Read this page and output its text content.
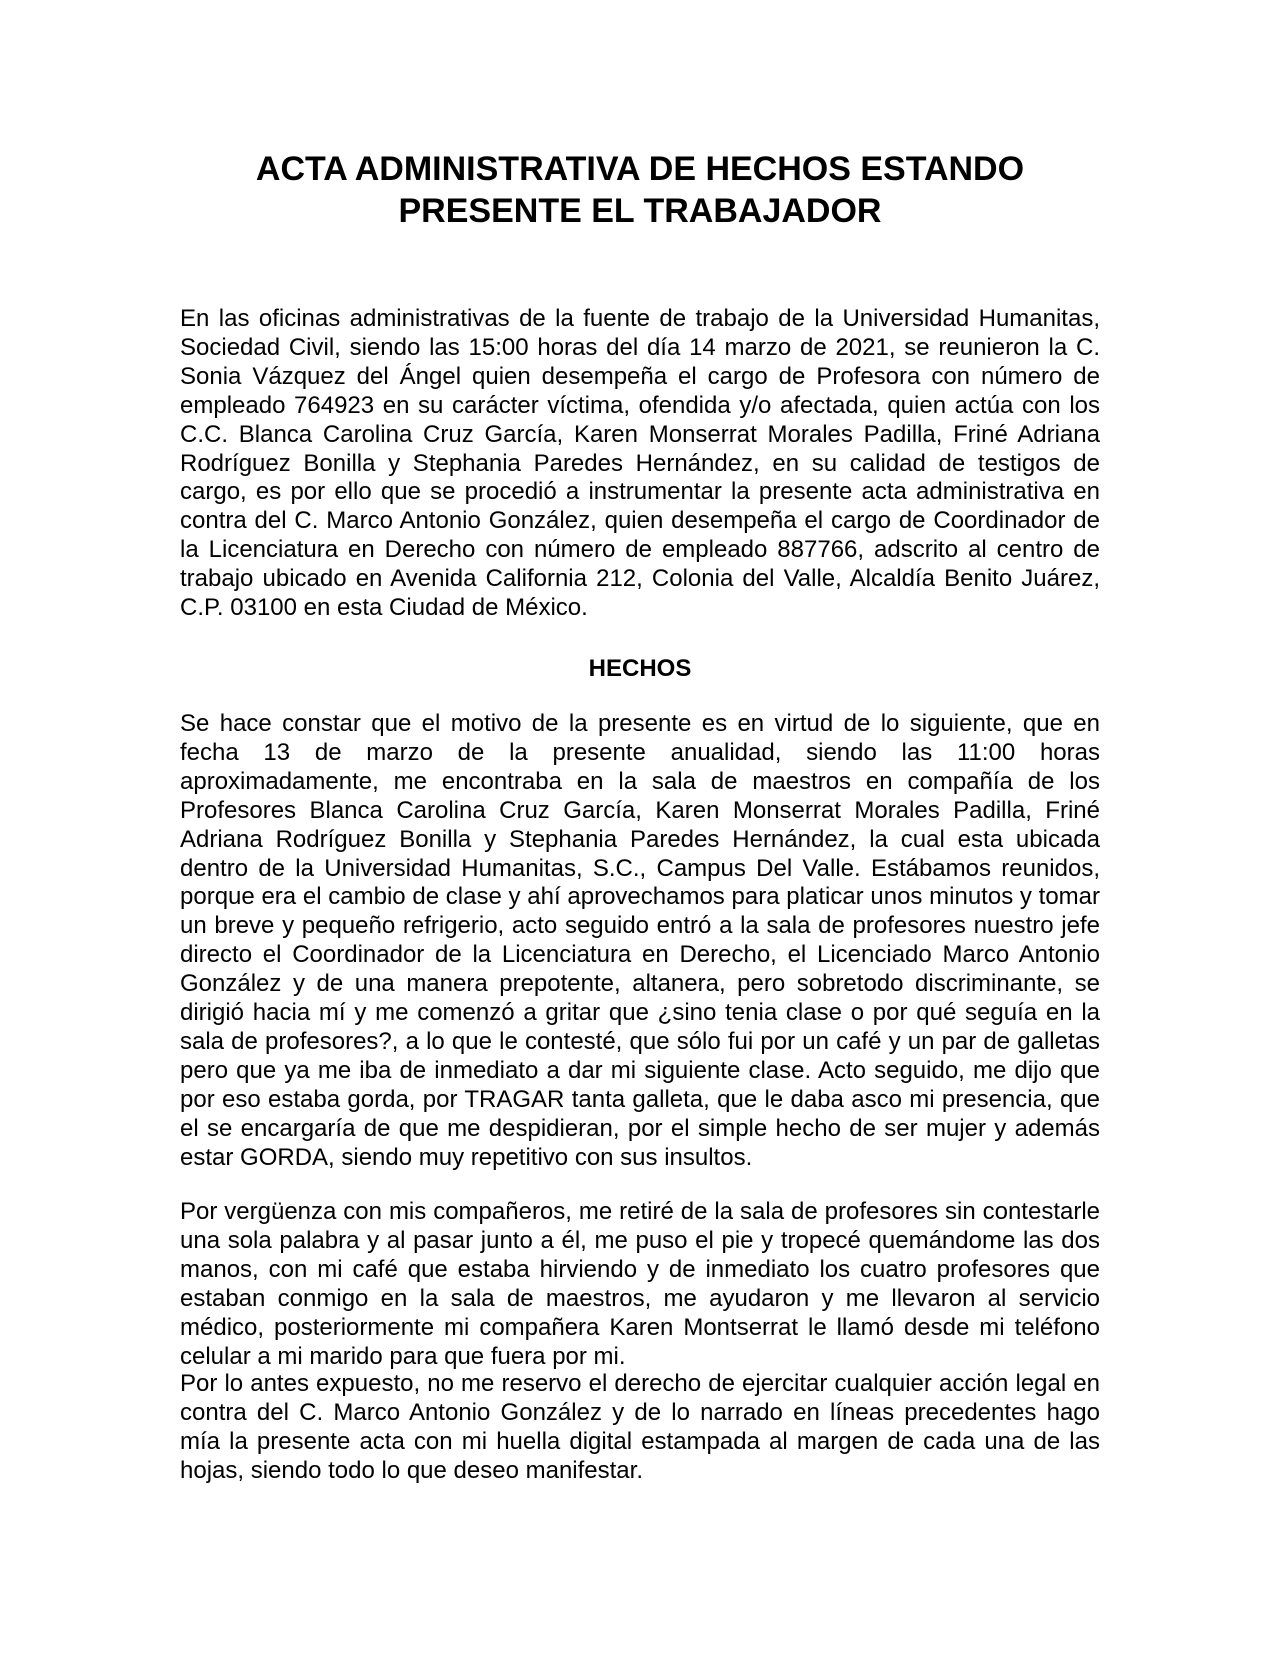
ACTA ADMINISTRATIVA DE HECHOS ESTANDO PRESENTE EL TRABAJADOR

En las oficinas administrativas de la fuente de trabajo de la Universidad Humanitas, Sociedad Civil, siendo las 15:00 horas del día 14 marzo de 2021, se reunieron la C. Sonia Vázquez del Ángel quien desempeña el cargo de Profesora con número de empleado 764923 en su carácter víctima, ofendida y/o afectada, quien actúa con los C.C. Blanca Carolina Cruz García, Karen Monserrat Morales Padilla, Friné Adriana Rodríguez Bonilla y Stephania Paredes Hernández, en su calidad de testigos de cargo, es por ello que se procedió a instrumentar la presente acta administrativa en contra del C. Marco Antonio González, quien desempeña el cargo de Coordinador de la Licenciatura en Derecho con número de empleado 887766, adscrito al centro de trabajo ubicado en Avenida California 212, Colonia del Valle, Alcaldía Benito Juárez, C.P. 03100 en esta Ciudad de México.

HECHOS

Se hace constar que el motivo de la presente es en virtud de lo siguiente, que en fecha 13 de marzo de la presente anualidad, siendo las 11:00 horas aproximadamente, me encontraba en la sala de maestros en compañía de los Profesores Blanca Carolina Cruz García, Karen Monserrat Morales Padilla, Friné Adriana Rodríguez Bonilla y Stephania Paredes Hernández, la cual esta ubicada dentro de la Universidad Humanitas, S.C., Campus Del Valle. Estábamos reunidos, porque era el cambio de clase y ahí aprovechamos para platicar unos minutos y tomar un breve y pequeño refrigerio, acto seguido entró a la sala de profesores nuestro jefe directo el Coordinador de la Licenciatura en Derecho, el Licenciado Marco Antonio González y de una manera prepotente, altanera, pero sobretodo discriminante, se dirigió hacia mí y me comenzó a gritar que ¿sino tenia clase o por qué seguía en la sala de profesores?, a lo que le contesté, que sólo fui por un café y un par de galletas pero que ya me iba de inmediato a dar mi siguiente clase. Acto seguido, me dijo que por eso estaba gorda, por TRAGAR tanta galleta, que le daba asco mi presencia, que el se encargaría de que me despidieran, por el simple hecho de ser mujer y además estar GORDA, siendo muy repetitivo con sus insultos.

Por vergüenza con mis compañeros, me retiré de la sala de profesores sin contestarle una sola palabra y al pasar junto a él, me puso el pie y tropecé quemándome las dos manos, con mi café que estaba hirviendo y de inmediato los cuatro profesores que estaban conmigo en la sala de maestros, me ayudaron y me llevaron al servicio médico, posteriormente mi compañera Karen Montserrat le llamó desde mi teléfono celular a mi marido para que fuera por mi.

Por lo antes expuesto, no me reservo el derecho de ejercitar cualquier acción legal en contra del C. Marco Antonio González y de lo narrado en líneas precedentes hago mía la presente acta con mi huella digital estampada al margen de cada una de las hojas, siendo todo lo que deseo manifestar.
